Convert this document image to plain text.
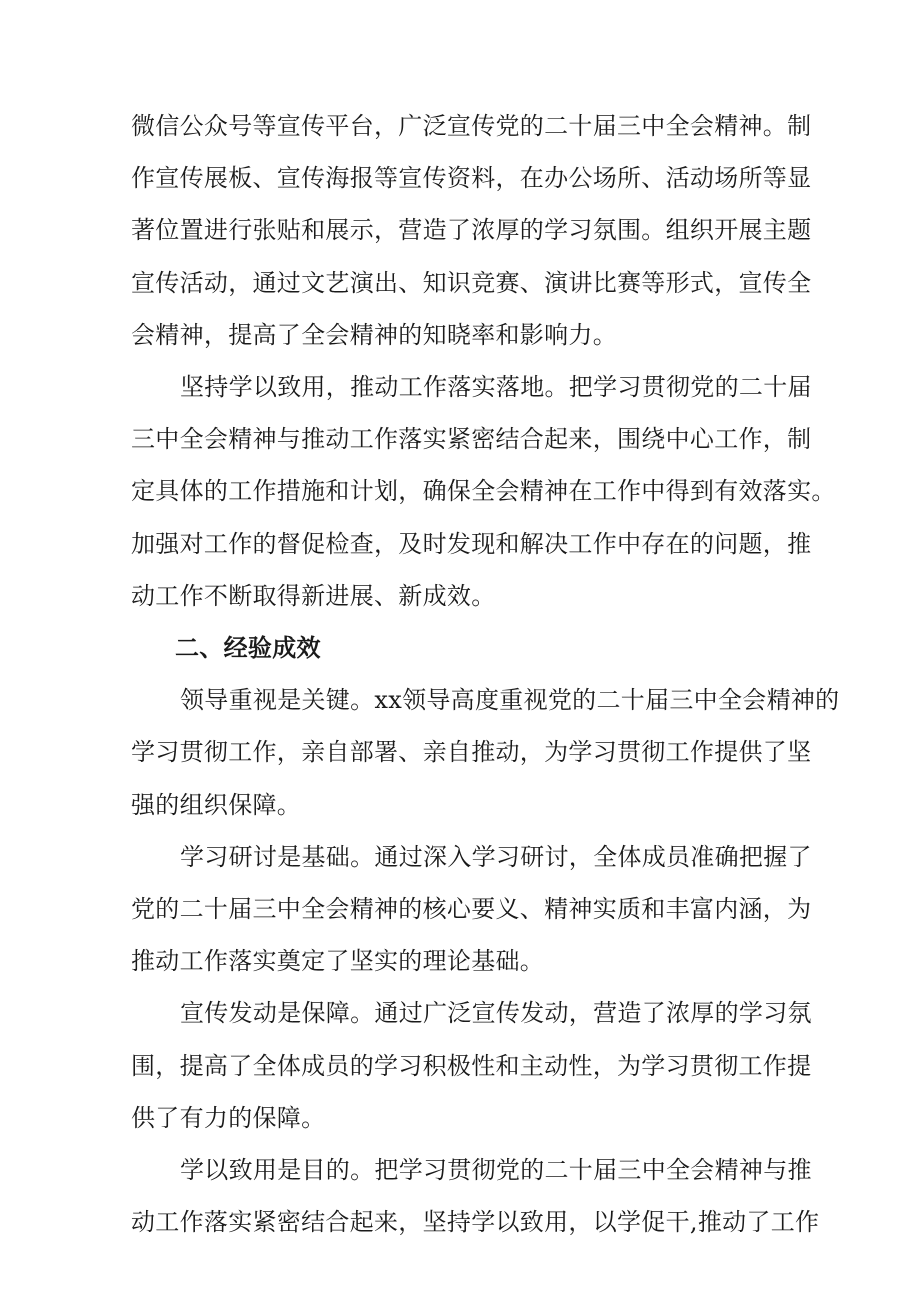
微信公众号等宣传平台，广泛宣传党的二十届三中全会精神。制
作宣传展板、宣传海报等宣传资料，在办公场所、活动场所等显
著位置进行张贴和展示，营造了浓厚的学习氛围。组织开展主题
宣传活动，通过文艺演出、知识竞赛、演讲比赛等形式，宣传全
会精神，提高了全会精神的知晓率和影响力。

坚持学以致用，推动工作落实落地。把学习贯彻党的二十届
三中全会精神与推动工作落实紧密结合起来，围绕中心工作，制
定具体的工作措施和计划，确保全会精神在工作中得到有效落实。
加强对工作的督促检查，及时发现和解决工作中存在的问题，推
动工作不断取得新进展、新成效。

二、经验成效

领导重视是关键。xx领导高度重视党的二十届三中全会精神的
学习贯彻工作，亲自部署、亲自推动，为学习贯彻工作提供了坚
强的组织保障。

学习研讨是基础。通过深入学习研讨，全体成员准确把握了
党的二十届三中全会精神的核心要义、精神实质和丰富内涵，为
推动工作落实奠定了坚实的理论基础。

宣传发动是保障。通过广泛宣传发动，营造了浓厚的学习氛
围，提高了全体成员的学习积极性和主动性，为学习贯彻工作提
供了有力的保障。

学以致用是目的。把学习贯彻党的二十届三中全会精神与推
动工作落实紧密结合起来，坚持学以致用，以学促干,推动了工作
